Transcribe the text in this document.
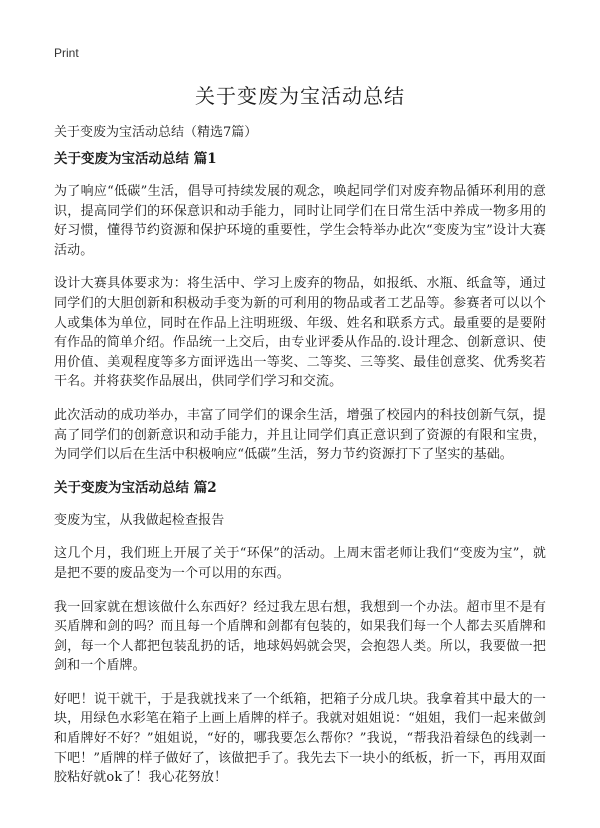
Print
关于变废为宝活动总结

关于变废为宝活动总结（精选7篇）

关于变废为宝活动总结 篇1

为了响应“低碳”生活，倡导可持续发展的观念，唤起同学们对废弃物品循环利用的意识，提高同学们的环保意识和动手能力，同时让同学们在日常生活中养成一物多用的好习惯，懂得节约资源和保护环境的重要性，学生会特举办此次“变废为宝”设计大赛活动。

设计大赛具体要求为：将生活中、学习上废弃的物品，如报纸、水瓶、纸盒等，通过同学们的大胆创新和积极动手变为新的可利用的物品或者工艺品等。参赛者可以以个人或集体为单位，同时在作品上注明班级、年级、姓名和联系方式。最重要的是要附有作品的简单介绍。作品统一上交后，由专业评委从作品的.设计理念、创新意识、使用价值、美观程度等多方面评选出一等奖、二等奖、三等奖、最佳创意奖、优秀奖若干名。并将获奖作品展出，供同学们学习和交流。

此次活动的成功举办，丰富了同学们的课余生活，增强了校园内的科技创新气氛，提高了同学们的创新意识和动手能力，并且让同学们真正意识到了资源的有限和宝贵，为同学们以后在生活中积极响应“低碳”生活，努力节约资源打下了坚实的基础。

关于变废为宝活动总结 篇2

变废为宝，从我做起检查报告

这几个月，我们班上开展了关于“环保”的活动。上周末雷老师让我们“变废为宝”，就是把不要的废品变为一个可以用的东西。

我一回家就在想该做什么东西好？经过我左思右想，我想到一个办法。超市里不是有买盾牌和剑的吗？而且每一个盾牌和剑都有包装的，如果我们每一个人都去买盾牌和剑，每一个人都把包装乱扔的话，地球妈妈就会哭，会抱怨人类。所以，我要做一把剑和一个盾牌。

好吧！说干就干，于是我就找来了一个纸箱，把箱子分成几块。我拿着其中最大的一块，用绿色水彩笔在箱子上画上盾牌的样子。我就对姐姐说：“姐姐，我们一起来做剑和盾牌好不好？”姐姐说，“好的，哪我要怎么帮你？”我说，“帮我沿着绿色的线剥一下吧！”盾牌的样子做好了，该做把手了。我先去下一块小的纸板，折一下，再用双面胶粘好就ok了！我心花努放！
